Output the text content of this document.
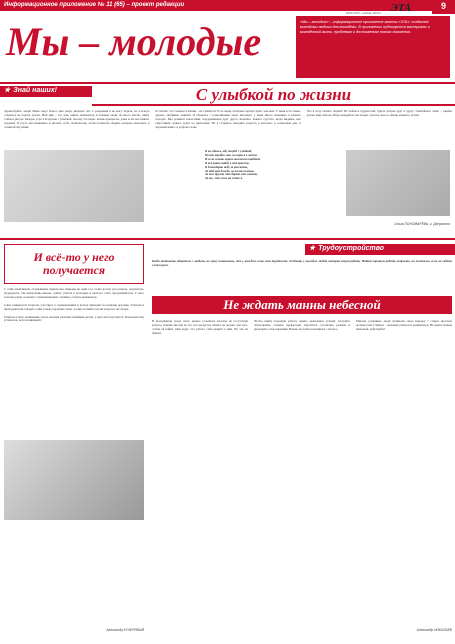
Информационное приложение № 11 (65) – проект редакции
№33 (337), ноябрь 2010 г. ЭТА	9
Мы – молодые	«Мы – молодые» – информационное приложение газеты «ЭТА», созданное молодыми людьми для молодёжи. В приложении публикуются материалы о молодёжной жизни, проблемах и достижениях нового поколения.
★ Знай наших!	С улыбкой по жизни
Здравствуйте, люди! Меня зовут Ольга, мне скоро двадцать лет. С рождения я не могу ходить, но я всегда стараюсь не падать духом. Мой мир – это дом, книги, компьютер и близкие люди. Я много читаю, пишу стихи и рисую. Каждое утро я встречаю с улыбкой, потому что верю: жизнь прекрасна, даже если она бывает трудной. Я учусь дистанционно и мечтаю стать психологом, чтобы помогать людям, которые оказались в сложной ситуации.
Я считаю, что главное в жизни – не сдаваться. Есть люди, которым гораздо хуже, чем мне. У меня есть семья, друзья, любимые занятия. Я общаюсь с ровесниками через интернет, у меня много знакомых в разных городах. Мы делимся новостями, поддерживаем друг друга. Конечно, бывает грустно, когда видишь, как сверстники гуляют, ходят на дискотеки. Но я стараюсь находить радость в мелочах: в солнечном дне, в хорошей книге, в добром слове.
Что я хочу сказать людям? Не бойтесь трудностей, будьте добрее друг к другу. Улыбайтесь чаще – улыбка делает мир светлее. Ведь каждый из нас может сделать чью-то жизнь немного лучше.
Я не сдаюсь, иду вперёд с улыбкой,
Пусть трудно мне, но верю я в мечту.
И если жизнь порою кажется ошибкой,
Я всё равно найду в ней красоту.
Я благодарна небу за рассветы,
За тёплый дождь, за песни соловья,
За тех друзей, что дарят мне советы,
За то, что есть на свете я.
Ольга ПОНОМАРЁВА, г. Дзержинск
И всё-то у него получается
С этим улыбчивым, отзывчивым парнем мы знакомы не один год. Саша всегда рад помочь, подсказать, поддержать. Он выпускник школы, сейчас учится в колледже и мечтает стать программистом. У него золотые руки: он может отремонтировать технику, собрать компьютер.
Саша занимается спортом, участвует в соревнованиях и всегда приходит на помощь друзьям. Учителя и преподаватели говорят о нём только хорошие слова. А ещё он пишет песни и играет на гитаре.
Глядя на Сашу, понимаешь: когда человек увлечён любимым делом, у него всё получается. Пожелаем ему успехов во всех начинаниях!
Александр КУЧЕРЯВЫЙ
★ Трудоустройство
Когда начинаешь общаться с людьми, не сразу понимаешь, что у каждого есть свои трудности. Особенно у молодых людей, которые ищут работу. Найти хорошую работу непросто, но возможно, если не сидеть сложа руки.
Не ждать манны небесной
В молодёжной среде часто можно услышать жалобы на отсутствие работы. Однако многие из тех, кто жалуется, ничего не делают для того, чтобы её найти. Они ждут, что работа сама придёт к ним. Но так не бывает.
Чтобы найти хорошую работу, нужно приложить усилия: получить образование, освоить профессию, научиться составлять резюме и проходить собеседования. Важно не бояться начинать с малого.
Многие успешные люди начинали свою карьеру с самых простых должностей. Главное – желание учиться и развиваться. Не ждите манны небесной, действуйте!
Александр НИКОЛАЕВ
